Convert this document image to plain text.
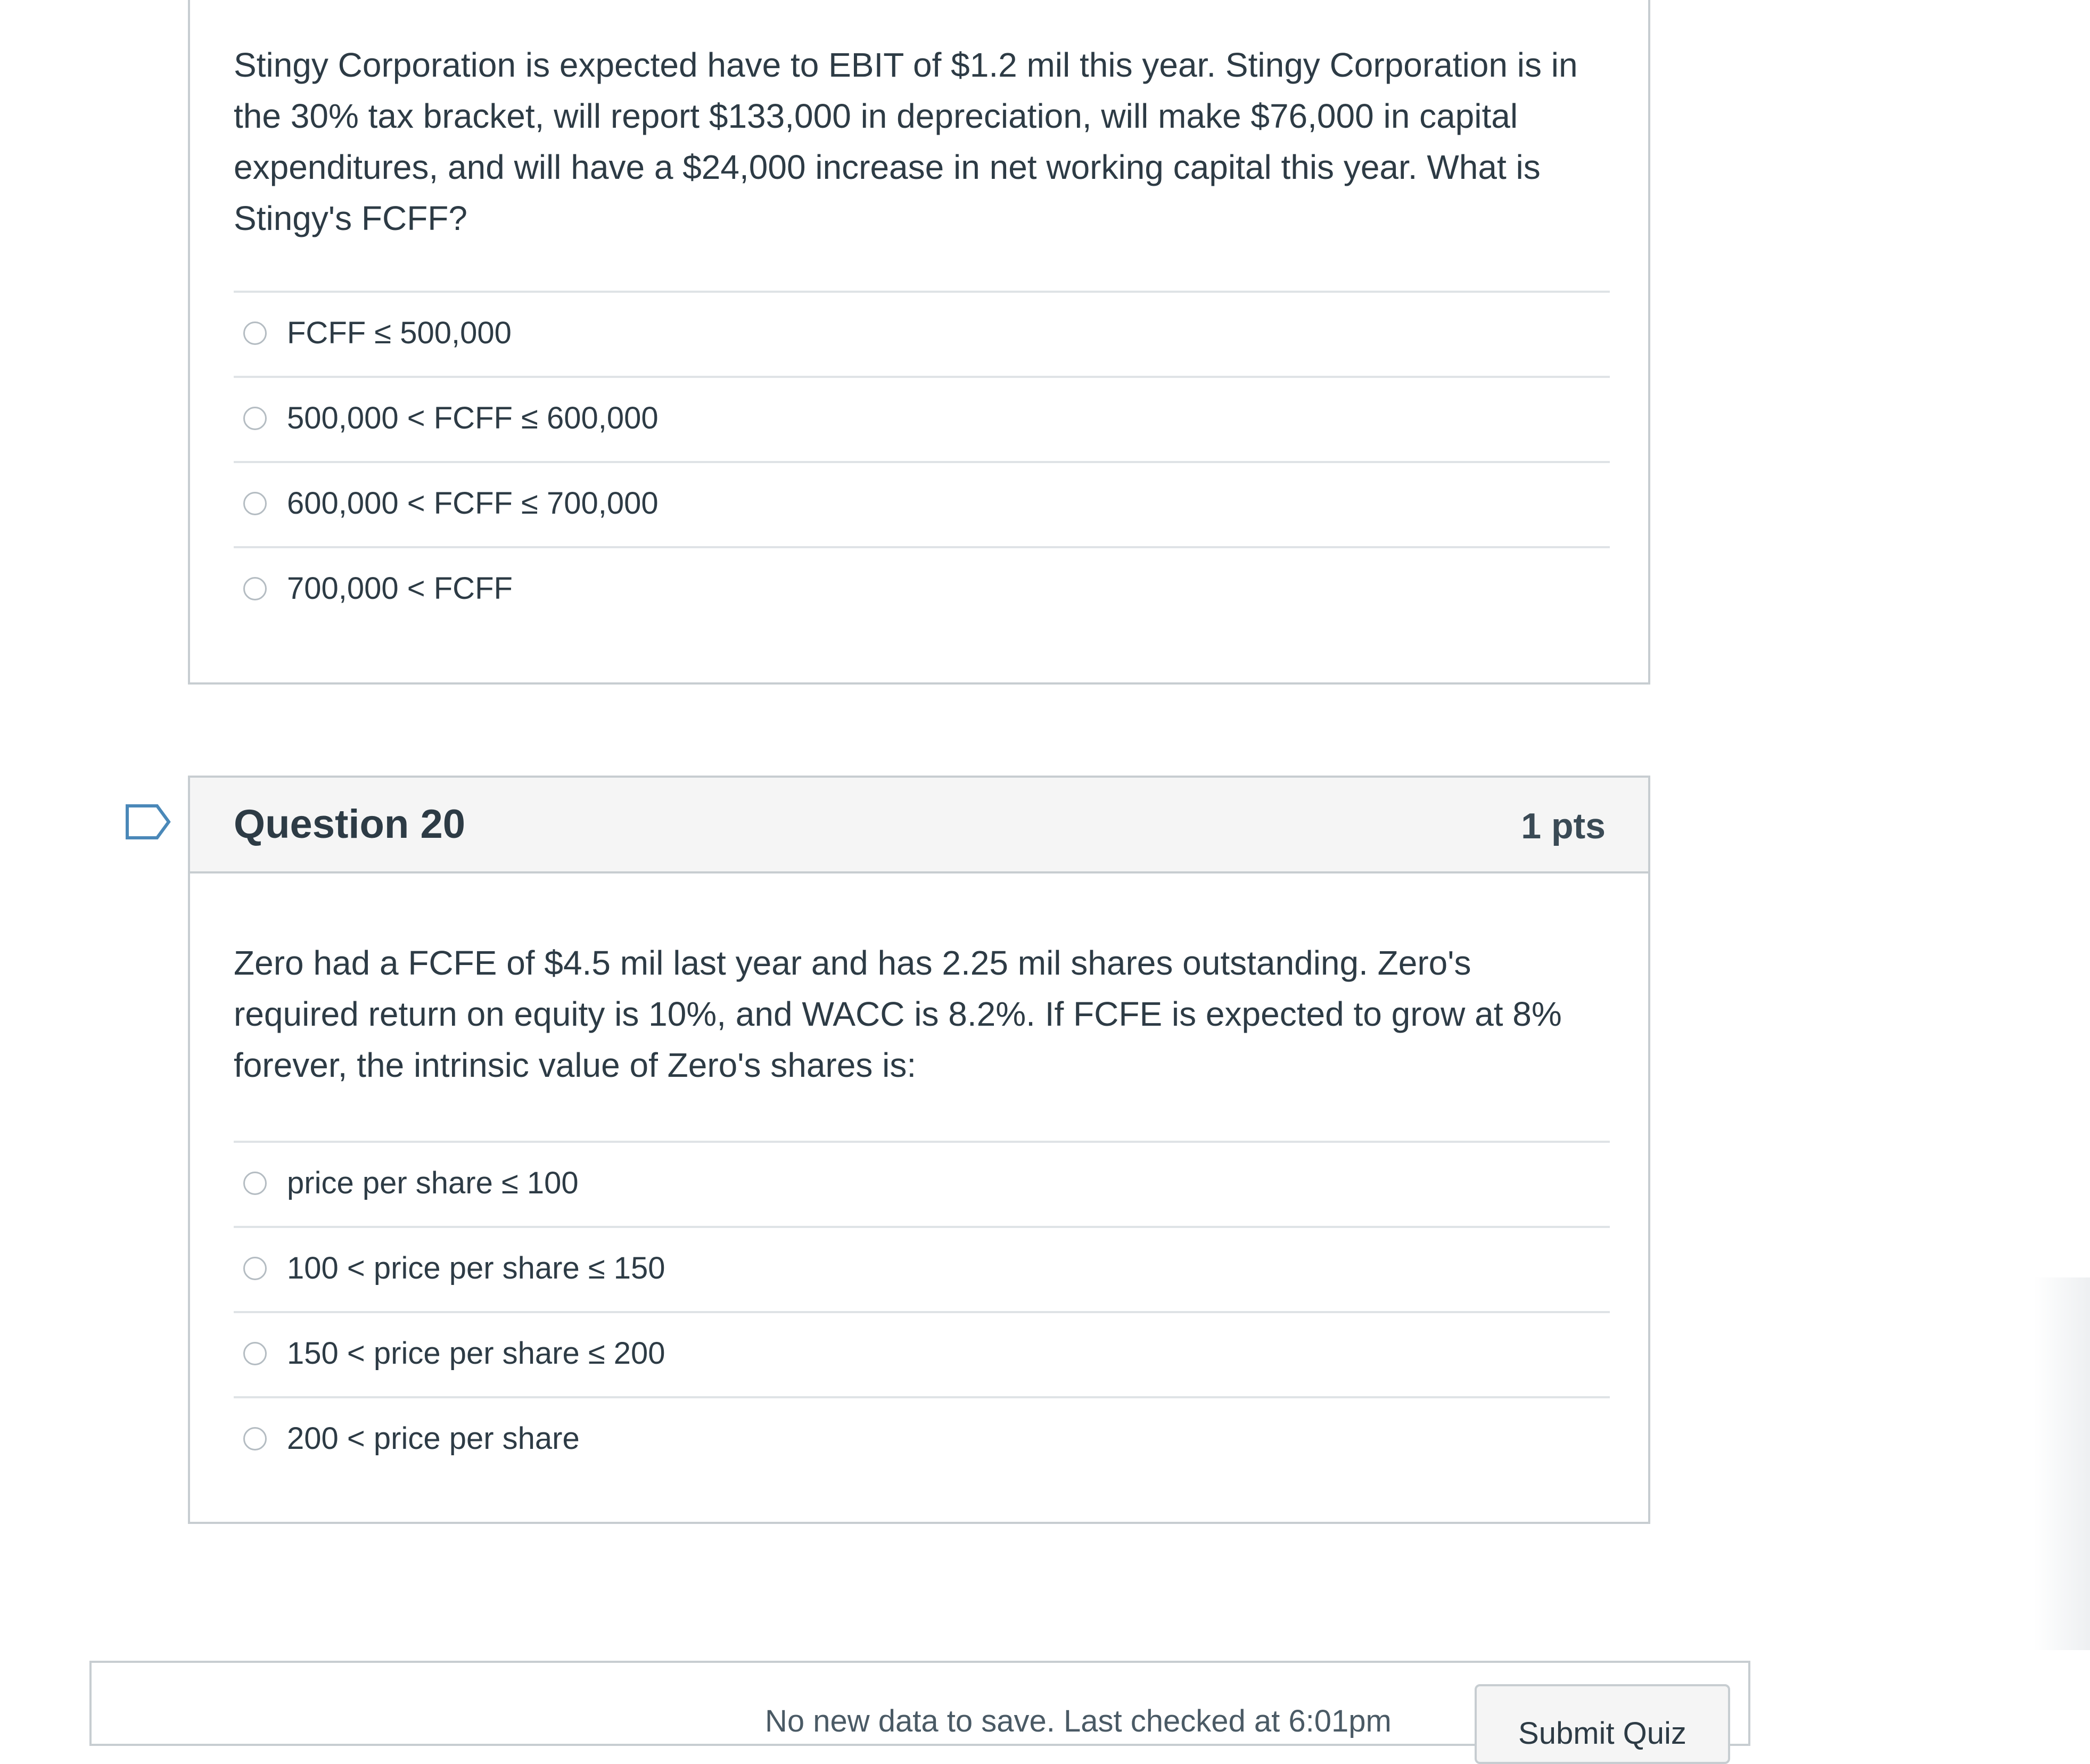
Stingy Corporation is expected have to EBIT of $1.2 mil this year. Stingy Corporation is in the 30% tax bracket, will report $133,000 in depreciation, will make $76,000 in capital expenditures, and will have a $24,000 increase in net working capital this year. What is Stingy's FCFF?

FCFF ≤ 500,000
500,000 < FCFF ≤ 600,000
600,000 < FCFF ≤ 700,000
700,000 < FCFF
Question 20	1 pts

Zero had a FCFE of $4.5 mil last year and has 2.25 mil shares outstanding. Zero's required return on equity is 10%, and WACC is 8.2%. If FCFE is expected to grow at 8% forever, the intrinsic value of Zero's shares is:

price per share ≤ 100
100 < price per share ≤ 150
150 < price per share ≤ 200
200 < price per share
No new data to save. Last checked at 6:01pm	Submit Quiz
